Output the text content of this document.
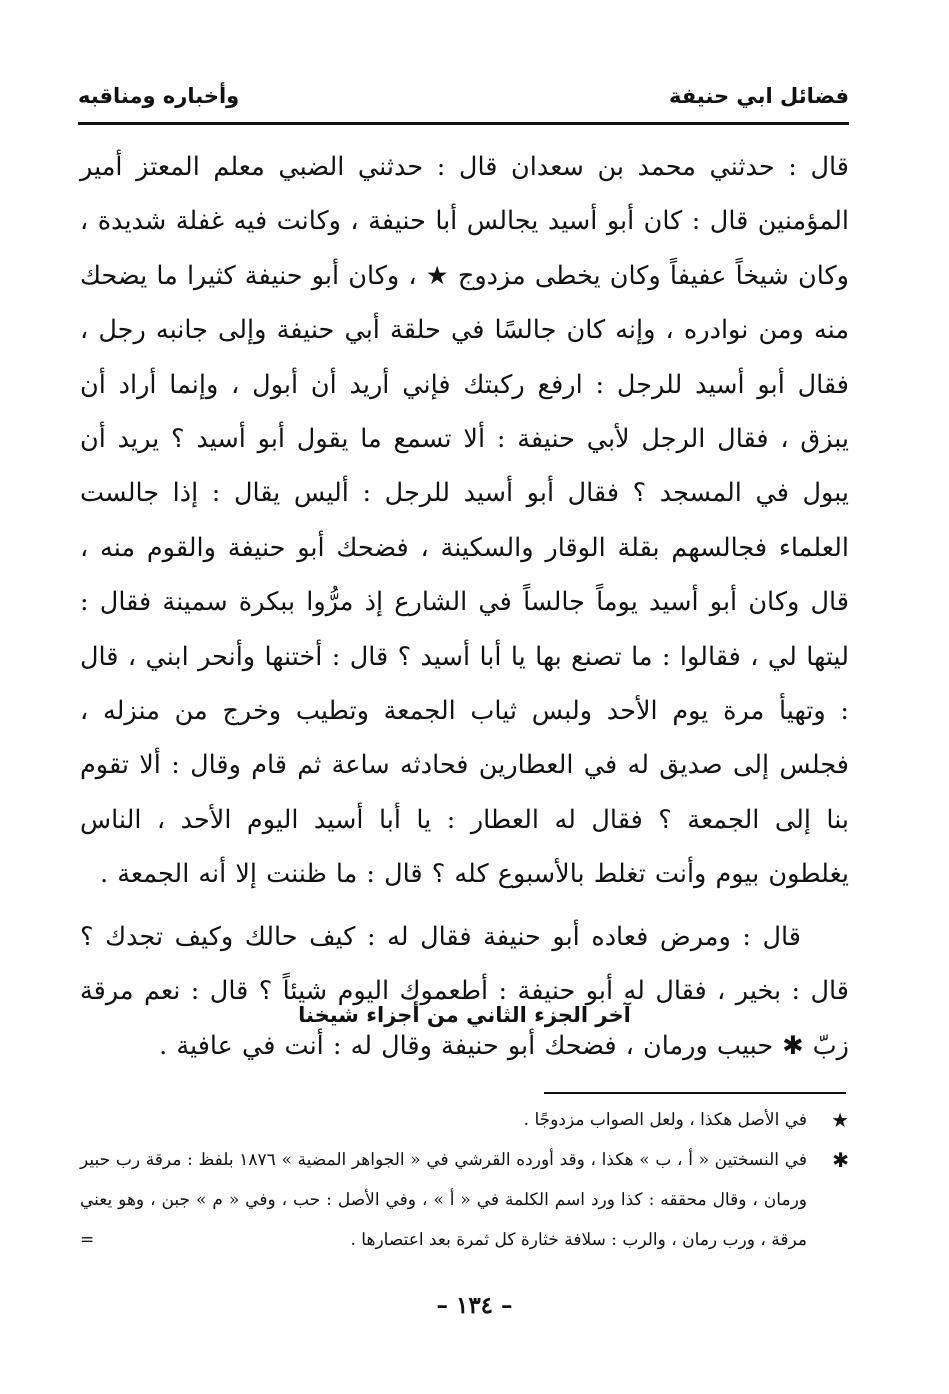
فضائل ابي حنيفة
وأخباره ومناقبه

قال : حدثني محمد بن سعدان قال : حدثني الضبي معلم المعتز أمير المؤمنين قال : كان أبو أسيد يجالس أبا حنيفة ، وكانت فيه غفلة شديدة ، وكان شيخاً عفيفاً وكان يخطى مزدوج ★ ، وكان أبو حنيفة كثيرا ما يضحك منه ومن نوادره ، وإنه كان جالسًا في حلقة أبي حنيفة وإلى جانبه رجل ، فقال أبو أسيد للرجل : ارفع ركبتك فإني أريد أن أبول ، وإنما أراد أن يبزق ، فقال الرجل لأبي حنيفة : ألا تسمع ما يقول أبو أسيد ؟ يريد أن يبول في المسجد ؟ فقال أبو أسيد للرجل : أليس يقال : إذا جالست العلماء فجالسهم بقلة الوقار والسكينة ، فضحك أبو حنيفة والقوم منه ، قال وكان أبو أسيد يوماً جالساً في الشارع إذ مرُّوا ببكرة سمينة فقال : ليتها لي ، فقالوا : ما تصنع بها يا أبا أسيد ؟ قال : أختنها وأنحر ابني ، قال : وتهيأ مرة يوم الأحد ولبس ثياب الجمعة وتطيب وخرج من منزله ، فجلس إلى صديق له في العطارين فحادثه ساعة ثم قام وقال : ألا تقوم بنا إلى الجمعة ؟ فقال له العطار : يا أبا أسيد اليوم الأحد ، الناس يغلطون بيوم وأنت تغلط بالأسبوع كله ؟ قال : ما ظننت إلا أنه الجمعة .

قال : ومرض فعاده أبو حنيفة فقال له : كيف حالك وكيف تجدك ؟ قال : بخير ، فقال له أبو حنيفة : أطعموك اليوم شيئاً ؟ قال : نعم مرقة زبّ ✱ حبيب ورمان ، فضحك أبو حنيفة وقال له : أنت في عافية .

آخر الجزء الثاني من أجزاء شيخنا
★
في الأصل هكذا ، ولعل الصواب مزدوجًا .
✱
في النسختين « أ ، ب » هكذا ، وقد أورده القرشي في « الجواهر المضية » ١٨٧٦ بلفظ : مرقة رب حبير ورمان ، وقال محققه : كذا ورد اسم الكلمة في « أ » ، وفي الأصل : حب ، وفي « م » جبن ، وهو يعني مرقة ، ورب رمان ، والرب : سلافة خثارة كل ثمرة بعد اعتصارها .
=
– ١٣٤ –
